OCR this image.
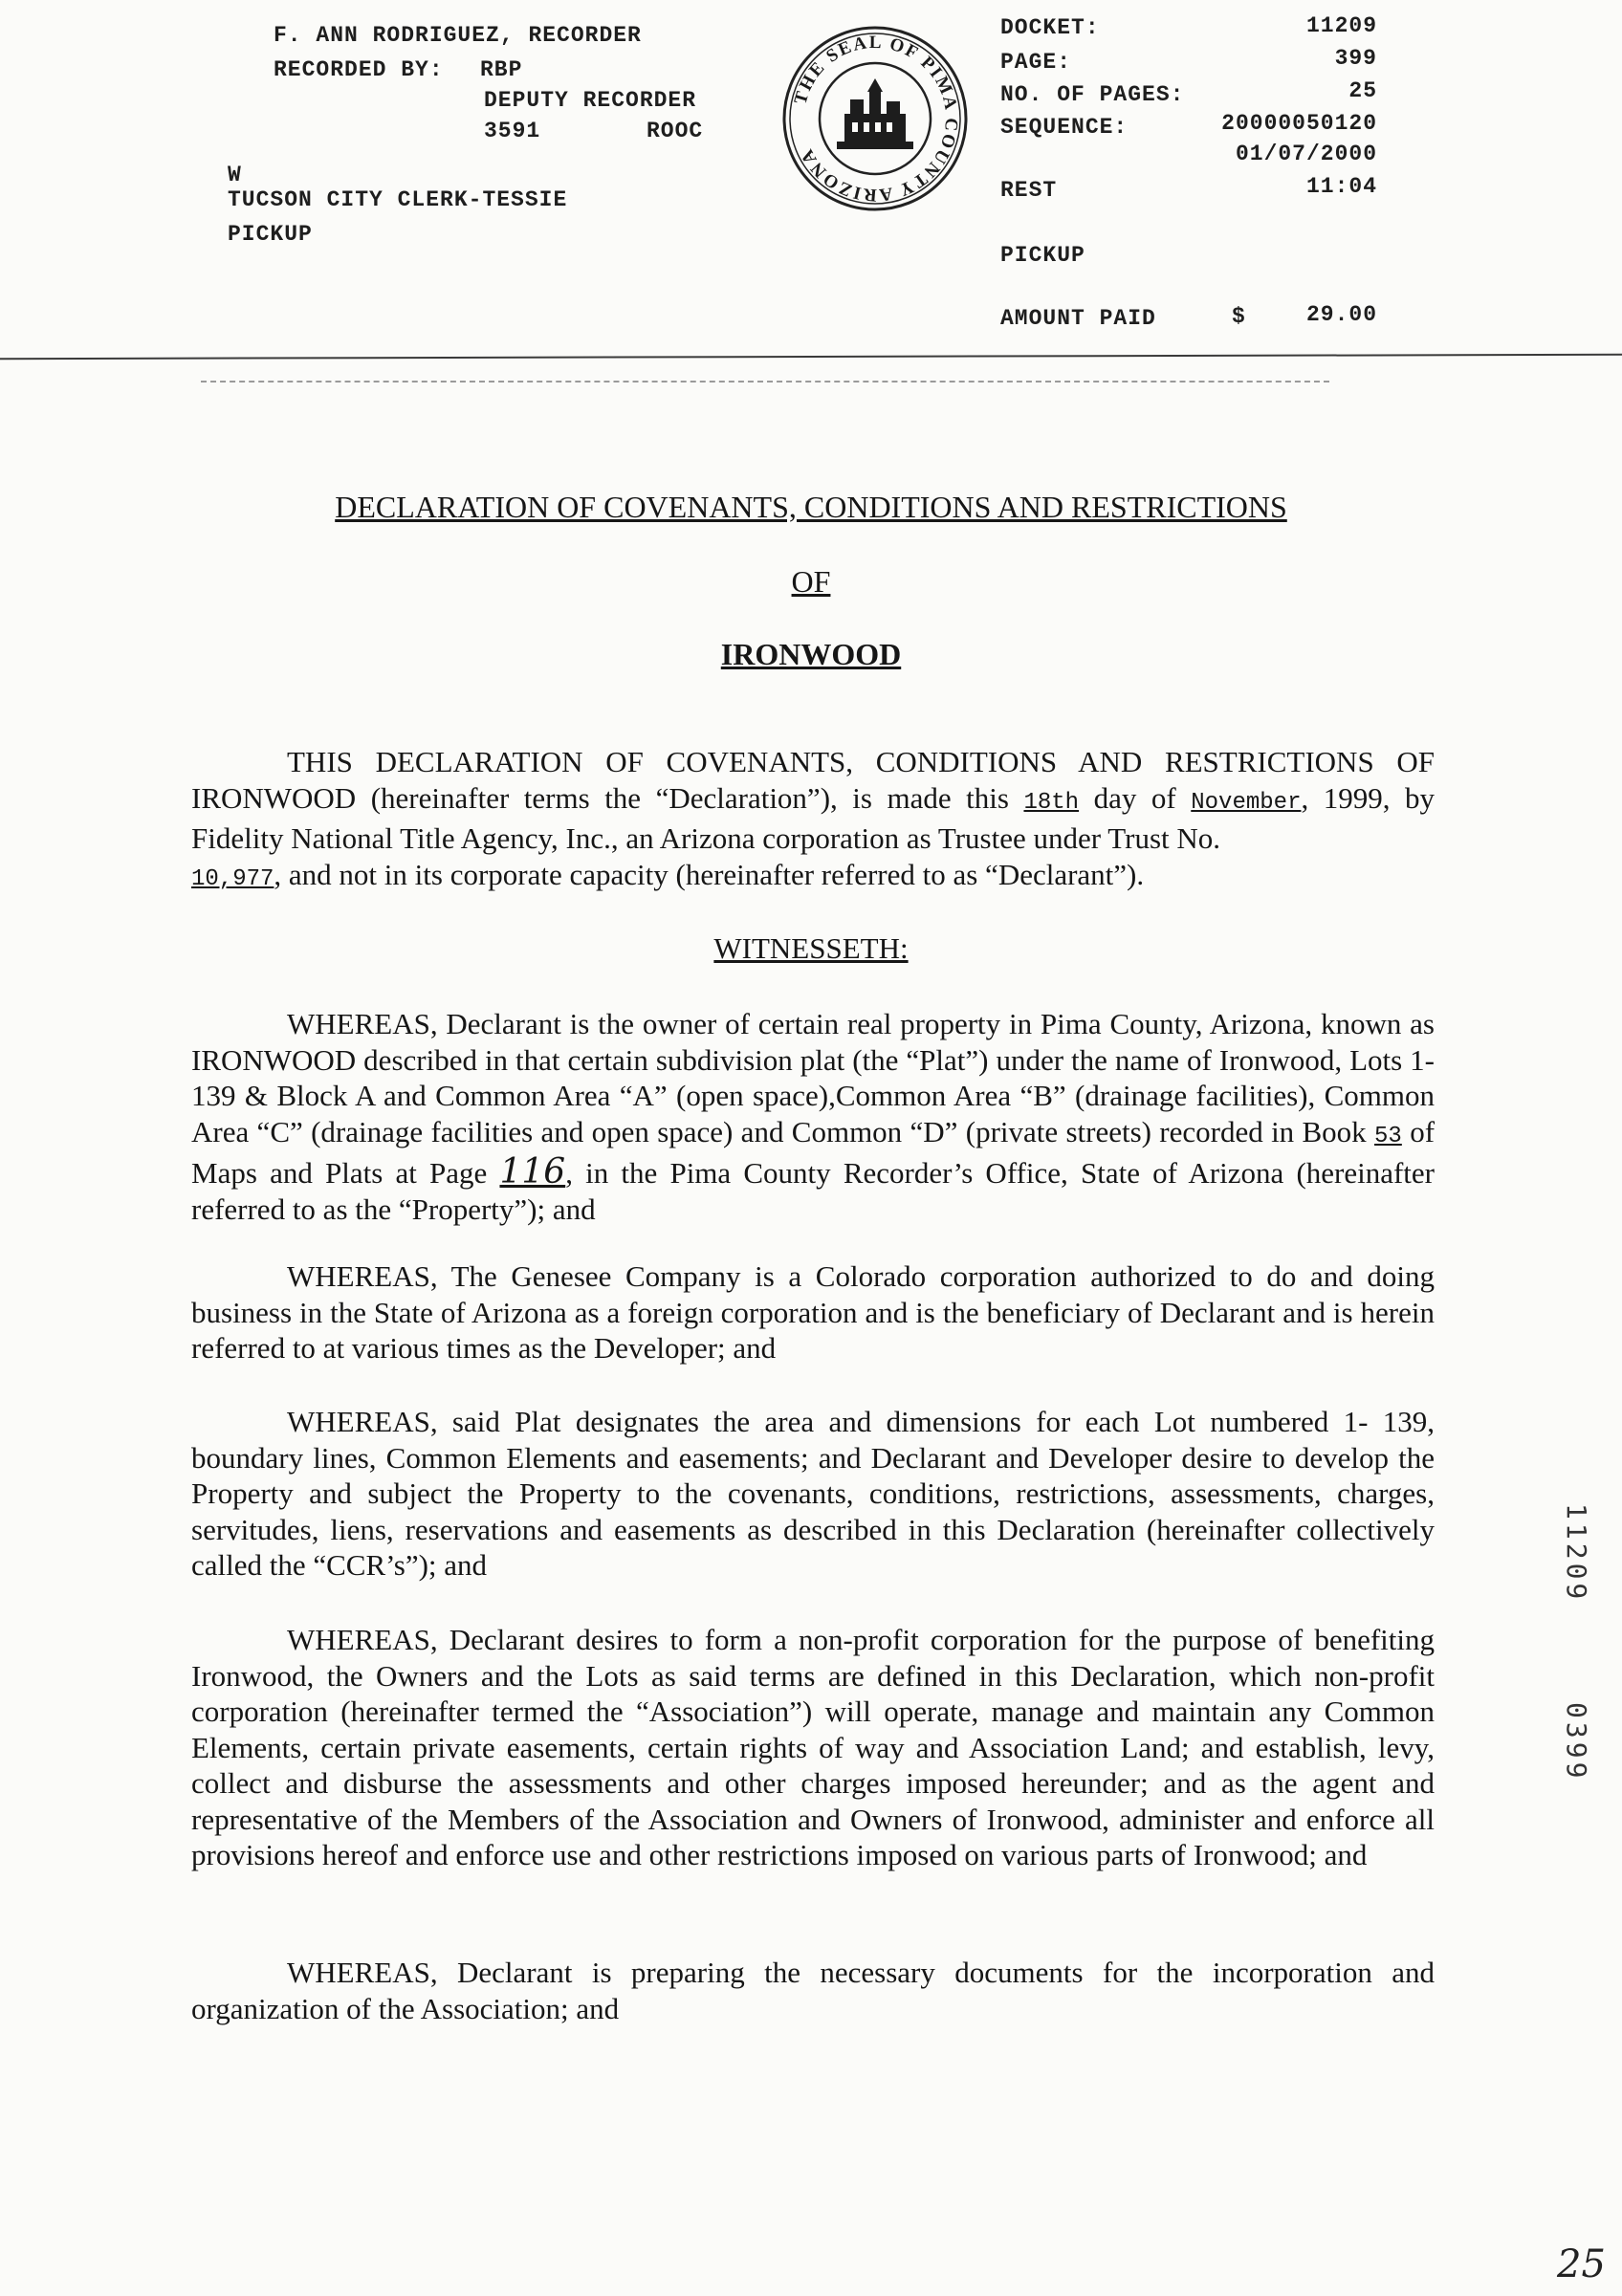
F. ANN RODRIGUEZ, RECORDER
RECORDED BY: RBP
DEPUTY RECORDER
3591	ROOC
W
TUCSON CITY CLERK-TESSIE
PICKUP
THE SEAL OF PIMA COUNTY ARIZONA
DOCKET:	11209
PAGE:	399
NO. OF PAGES:	25
SEQUENCE:	20000050120
01/07/2000
REST	11:04
PICKUP
AMOUNT PAID	$	29.00
DECLARATION OF COVENANTS, CONDITIONS AND RESTRICTIONS
OF
IRONWOOD
THIS DECLARATION OF COVENANTS, CONDITIONS AND RESTRICTIONS OF IRONWOOD (hereinafter terms the “Declaration”), is made this 18th day of November, 1999, by Fidelity National Title Agency, Inc., an Arizona corporation as Trustee under Trust No.
10,977, and not in its corporate capacity (hereinafter referred to as “Declarant”).
WITNESSETH:
WHEREAS, Declarant is the owner of certain real property in Pima County, Arizona, known as IRONWOOD described in that certain subdivision plat (the “Plat”) under the name of Ironwood, Lots 1-139 & Block A and Common Area “A” (open space),Common Area “B” (drainage facilities), Common Area “C” (drainage facilities and open space) and Common “D” (private streets) recorded in Book 53 of Maps and Plats at Page 116, in the Pima County Recorder’s Office, State of Arizona (hereinafter referred to as the “Property”); and
WHEREAS, The Genesee Company is a Colorado corporation authorized to do and doing business in the State of Arizona as a foreign corporation and is the beneficiary of Declarant and is herein referred to at various times as the Developer; and
WHEREAS, said Plat designates the area and dimensions for each Lot numbered 1- 139, boundary lines, Common Elements and easements; and Declarant and Developer desire to develop the Property and subject the Property to the covenants, conditions, restrictions, assessments, charges, servitudes, liens, reservations and easements as described in this Declaration (hereinafter collectively called the “CCR’s”); and
WHEREAS, Declarant desires to form a non-profit corporation for the purpose of benefiting Ironwood, the Owners and the Lots as said terms are defined in this Declaration, which non-profit corporation (hereinafter termed the “Association”) will operate, manage and maintain any Common Elements, certain private easements, certain rights of way and Association Land; and establish, levy, collect and disburse the assessments and other charges imposed hereunder; and as the agent and representative of the Members of the Association and Owners of Ironwood, administer and enforce all provisions hereof and enforce use and other restrictions imposed on various parts of Ironwood; and
WHEREAS, Declarant is preparing the necessary documents for the incorporation and organization of the Association; and
11209
0399
25
